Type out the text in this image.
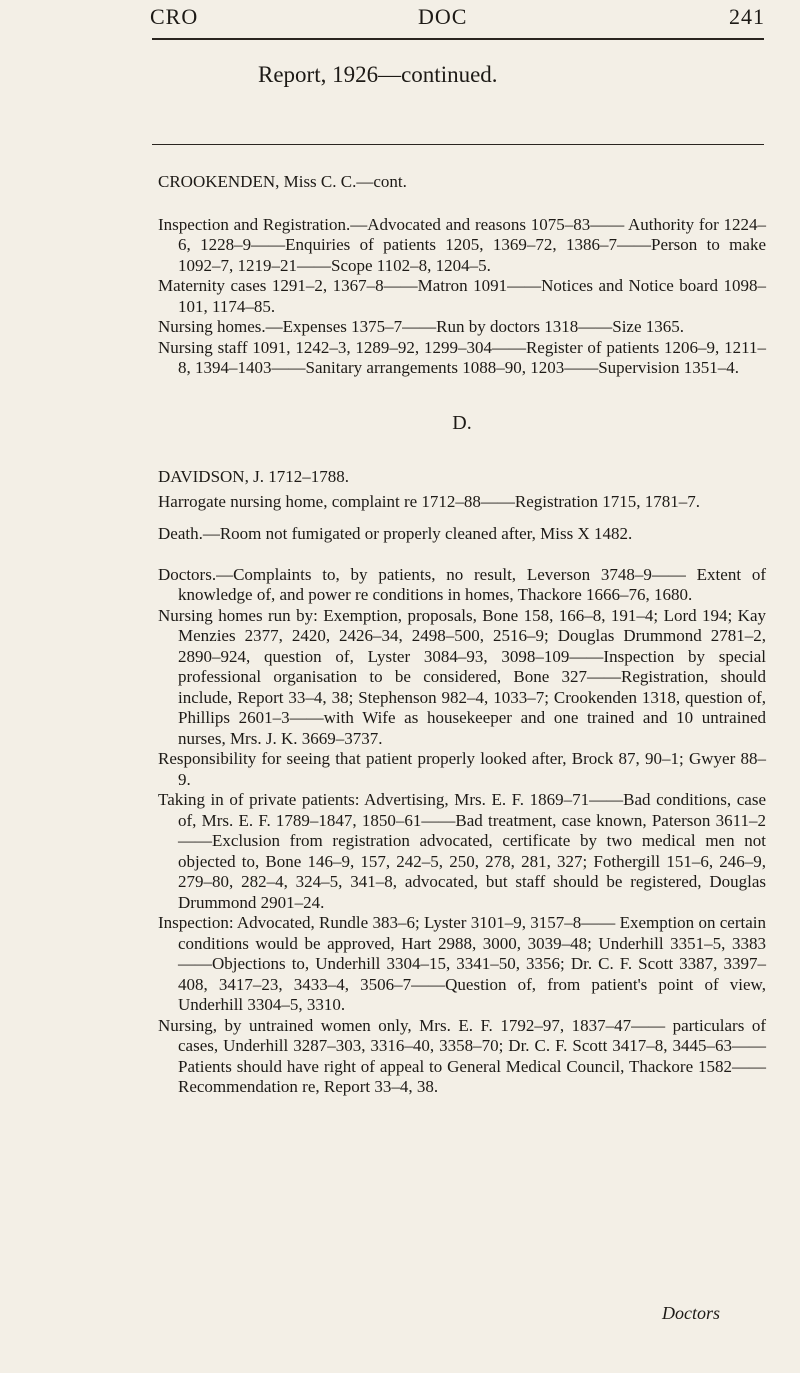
CRO	DOC	241
Report, 1926—continued.

CROOKENDEN, Miss C. C.—cont.

Inspection and Registration.—Advocated and reasons 1075–83—— Authority for 1224–6, 1228–9——Enquiries of patients 1205, 1369–72, 1386–7——Person to make 1092–7, 1219–21——Scope 1102–8, 1204–5.

Maternity cases 1291–2, 1367–8——Matron 1091——Notices and Notice board 1098–101, 1174–85.

Nursing homes.—Expenses 1375–7——Run by doctors 1318——Size 1365.

Nursing staff 1091, 1242–3, 1289–92, 1299–304——Register of patients 1206–9, 1211–8, 1394–1403——Sanitary arrangements 1088–90, 1203——Supervision 1351–4.

D.

DAVIDSON, J. 1712–1788.

Harrogate nursing home, complaint re 1712–88——Registration 1715, 1781–7.

Death.—Room not fumigated or properly cleaned after, Miss X 1482.

Doctors.—Complaints to, by patients, no result, Leverson 3748–9—— Extent of knowledge of, and power re conditions in homes, Thackore 1666–76, 1680.

Nursing homes run by: Exemption, proposals, Bone 158, 166–8, 191–4; Lord 194; Kay Menzies 2377, 2420, 2426–34, 2498–500, 2516–9; Douglas Drummond 2781–2, 2890–924, question of, Lyster 3084–93, 3098–109——Inspection by special professional organisation to be considered, Bone 327——Registration, should include, Report 33–4, 38; Stephenson 982–4, 1033–7; Crookenden 1318, question of, Phillips 2601–3——with Wife as housekeeper and one trained and 10 untrained nurses, Mrs. J. K. 3669–3737.

Responsibility for seeing that patient properly looked after, Brock 87, 90–1; Gwyer 88–9.

Taking in of private patients: Advertising, Mrs. E. F. 1869–71——Bad conditions, case of, Mrs. E. F. 1789–1847, 1850–61——Bad treatment, case known, Paterson 3611–2——Exclusion from registration advocated, certificate by two medical men not objected to, Bone 146–9, 157, 242–5, 250, 278, 281, 327; Fothergill 151–6, 246–9, 279–80, 282–4, 324–5, 341–8, advocated, but staff should be registered, Douglas Drummond 2901–24.

Inspection: Advocated, Rundle 383–6; Lyster 3101–9, 3157–8—— Exemption on certain conditions would be approved, Hart 2988, 3000, 3039–48; Underhill 3351–5, 3383——Objections to, Underhill 3304–15, 3341–50, 3356; Dr. C. F. Scott 3387, 3397–408, 3417–23, 3433–4, 3506–7——Question of, from patient's point of view, Underhill 3304–5, 3310.

Nursing, by untrained women only, Mrs. E. F. 1792–97, 1837–47—— particulars of cases, Underhill 3287–303, 3316–40, 3358–70; Dr. C. F. Scott 3417–8, 3445–63——Patients should have right of appeal to General Medical Council, Thackore 1582——Recommendation re, Report 33–4, 38.

Doctors
